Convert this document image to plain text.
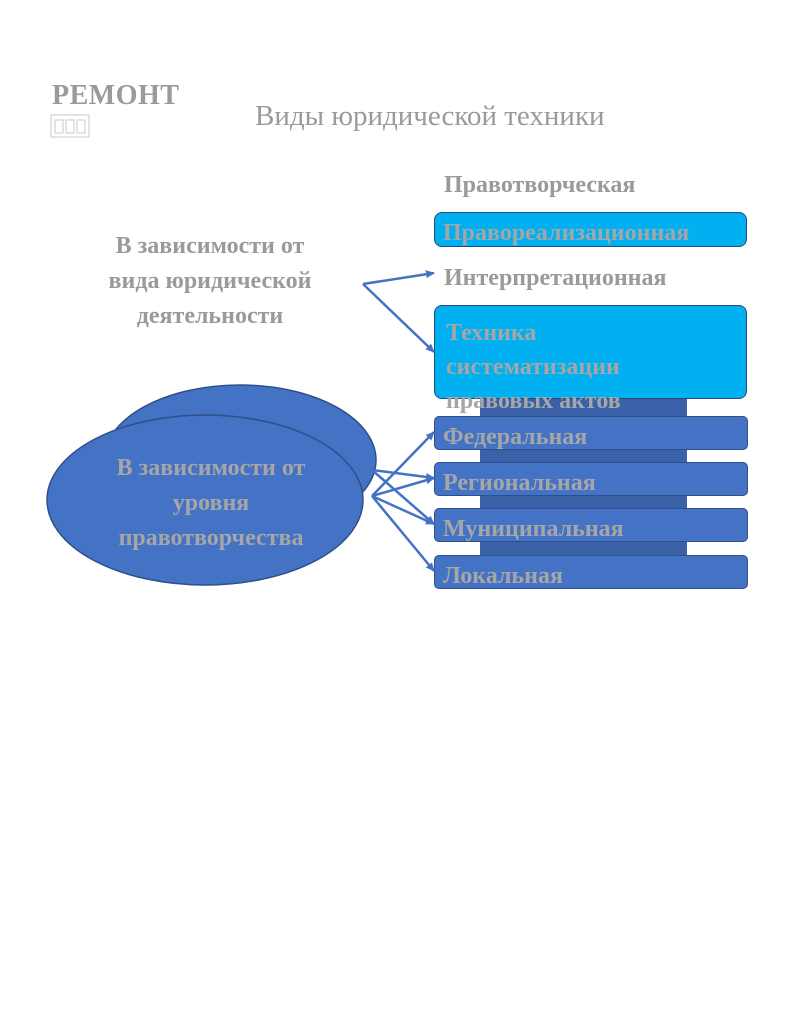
РЕМОНТ
Виды юридической техники
В зависимости от вида юридической деятельности
Правотворческая
Правореализационная
Интерпретационная
Федеральная
Региональная
Муниципальная
Локальная
Техника систематизации правовых актов
В зависимости от уровня правотворчества
